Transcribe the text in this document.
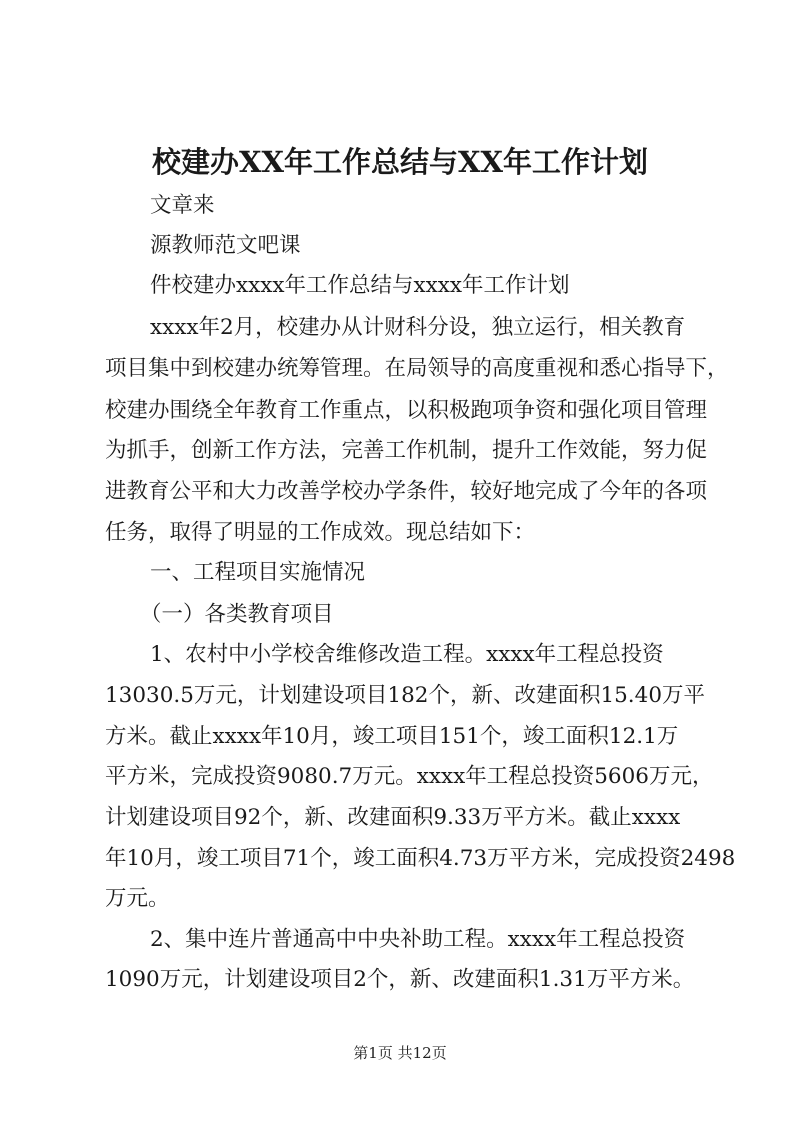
校建办XX年工作总结与XX年工作计划
文章来
源教师范文吧课
件校建办xxxx年工作总结与xxxx年工作计划
xxxx年2月，校建办从计财科分设，独立运行，相关教育
项目集中到校建办统筹管理。在局领导的高度重视和悉心指导下，
校建办围绕全年教育工作重点，以积极跑项争资和强化项目管理
为抓手，创新工作方法，完善工作机制，提升工作效能，努力促
进教育公平和大力改善学校办学条件，较好地完成了今年的各项
任务，取得了明显的工作成效。现总结如下：
一、工程项目实施情况
（一）各类教育项目
1、农村中小学校舍维修改造工程。xxxx年工程总投资
13030.5万元，计划建设项目182个，新、改建面积15.40万平
方米。截止xxxx年10月，竣工项目151个，竣工面积12.1万
平方米，完成投资9080.7万元。xxxx年工程总投资5606万元，
计划建设项目92个，新、改建面积9.33万平方米。截止xxxx
年10月，竣工项目71个，竣工面积4.73万平方米，完成投资2498
万元。
2、集中连片普通高中中央补助工程。xxxx年工程总投资
1090万元，计划建设项目2个，新、改建面积1.31万平方米。
第1页 共12页
